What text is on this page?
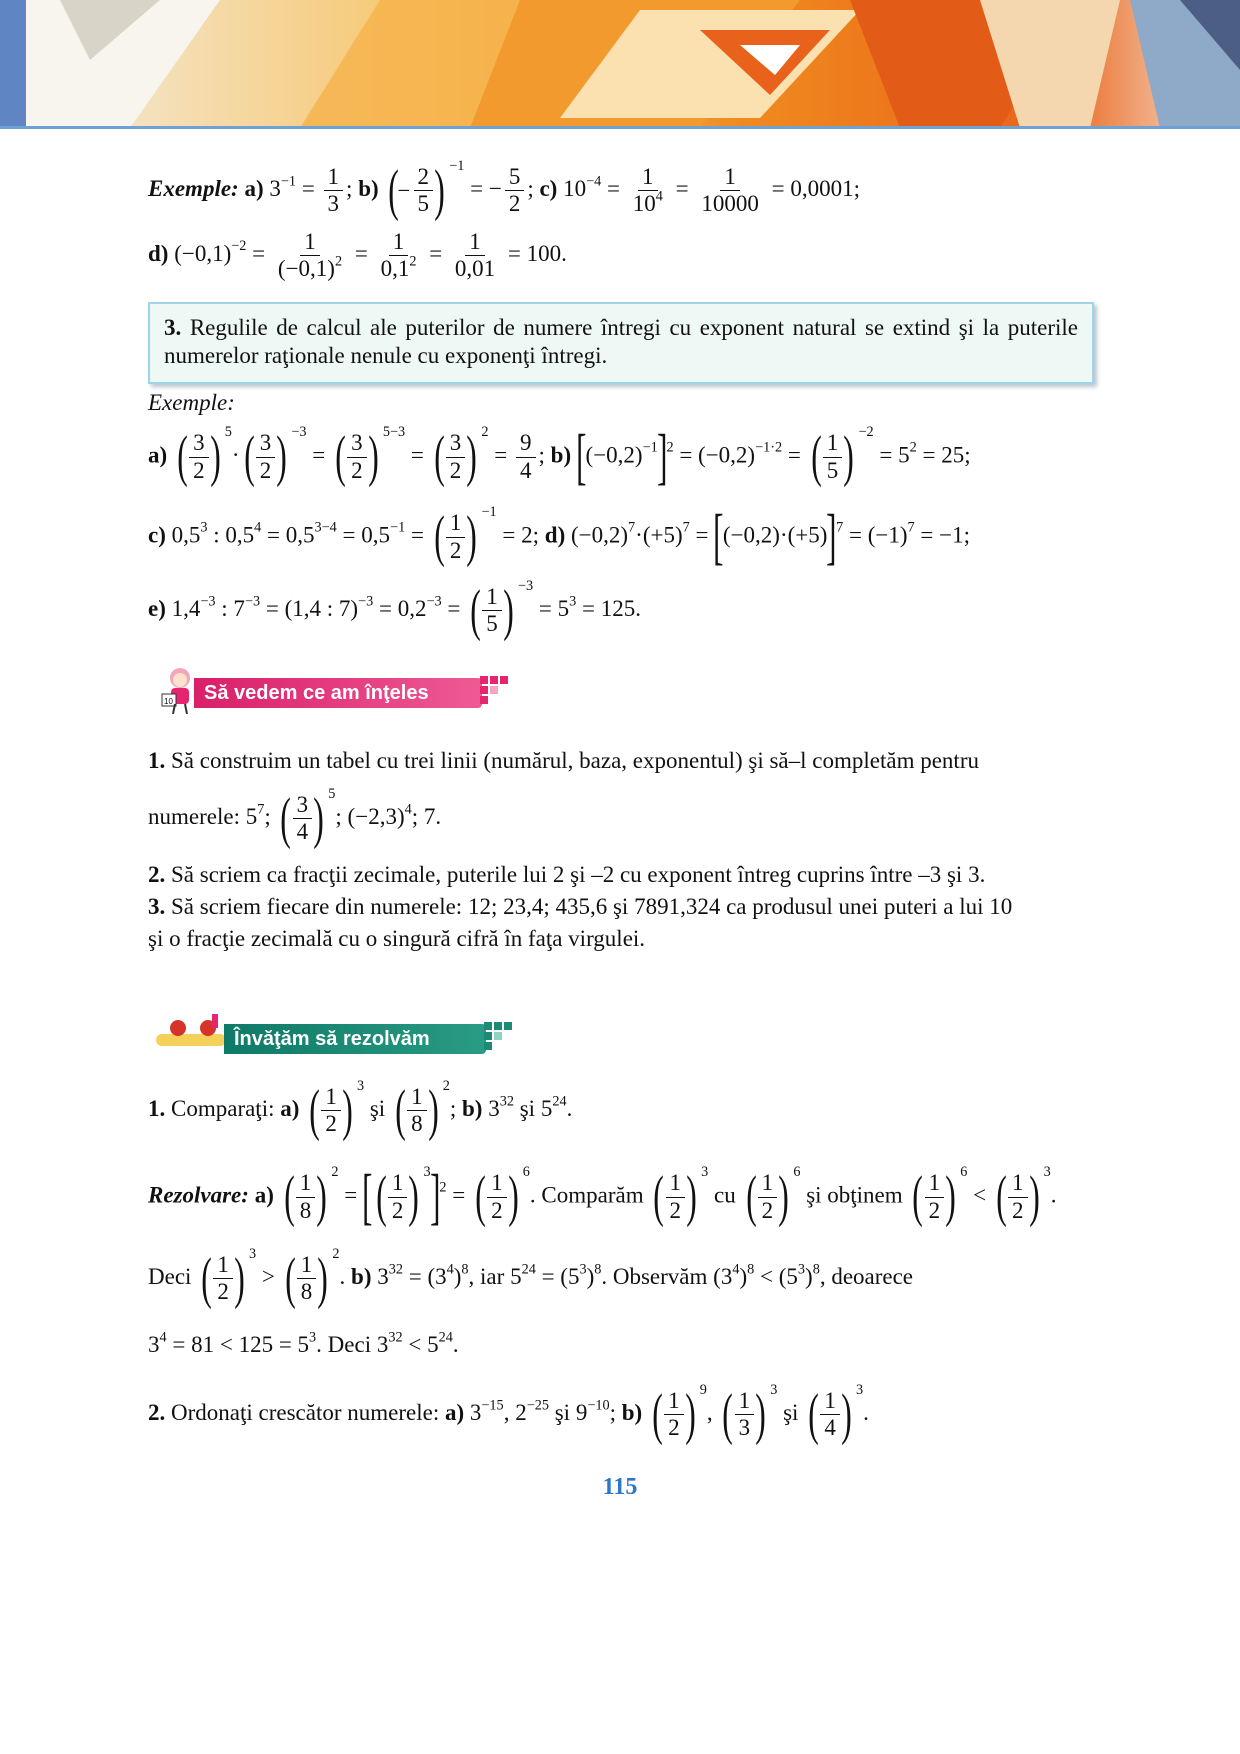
Exemple: a) $3^{-1} = \frac{1}{3}$ ; b) (
− $\frac{2}{5}$ ) −1
= − $\frac{5}{2}$ ; c) $10^{-4} = \frac{1}{10^4} = \frac{1}{10000} = 0,0001$;
d) $(-0,1)^{-2} = \frac{1}{(-0,1)^2} = \frac{1}{0,1^2} = \frac{1}{0,01} = 100$.
3. Regulile de calcul ale puterilor de numere întregi cu exponent natural se extind şi la puterile numerelor raţionale nenule cu exponenţi întregi.
Exemple:
a) ( $\frac{3}{2}$ ) 5
· ( $\frac{3}{2}$ ) −3
= ( $\frac{3}{2}$ ) 5−3
= ( $\frac{3}{2}$ ) 2
= $\frac{9}{4}$ ; b) $[(-0,2)^{-1}]^2 = (-0,2)^{-1\cdot 2}$ = ( $\frac{1}{5}$ ) −2
= $5^2 = 25$;
c) $0,5^3$ : $0,5^4 = 0,5^{3-4} = 0,5^{-1}$ = ( $\frac{1}{2}$ ) −1
= 2; d) $(-0,2)^7\cdot(+5)^7 = [(-0,2)\cdot(+5)]^7 = (-1)^7 = -1$;
e) $1,4^{-3}$ : $7^{-3} = (1,4$ : $7)^{-3} = 0,2^{-3}$ = ( $\frac{1}{5}$ ) −3
= $5^3 = 125$.
10	Să vedem ce am înţeles
1. Să construim un tabel cu trei linii (numărul, baza, exponentul) şi să–l completăm pentru
numerele: $5^7$; ( $\frac{3}{4}$ ) 5
; $(-2,3)^4$; 7.
2. Să scriem ca fracţii zecimale, puterile lui 2 şi –2 cu exponent întreg cuprins între –3 şi 3.
3. Să scriem fiecare din numerele: 12; 23,4; 435,6 şi 7891,324 ca produsul unei puteri a lui 10
şi o fracţie zecimală cu o singură cifră în faţa virgulei.
Învăţăm să rezolvăm
1. Comparaţi: a) ( $\frac{1}{2}$ ) 3
şi ( $\frac{1}{8}$ ) 2
; b) $3^{32}$ şi $5^{24}$.
Rezolvare: a) ( $\frac{1}{8}$ ) 2
= [ ( $\frac{1}{2}$ ) 3 ]$^2$ = ( $\frac{1}{2}$ ) 6
. Comparăm ( $\frac{1}{2}$ ) 3
cu ( $\frac{1}{2}$ ) 6
şi obţinem ( $\frac{1}{2}$ ) 6
< ( $\frac{1}{2}$ ) 3
.
Deci ( $\frac{1}{2}$ ) 3
> ( $\frac{1}{8}$ ) 2
. b) $3^{32} = (3^4)^8$, iar $5^{24} = (5^3)^8$. Observăm $(3^4)^8 < (5^3)^8$, deoarece
$3^4 = 81 < 125 = 5^3$. Deci $3^{32} < 5^{24}$.
2. Ordonaţi crescător numerele: a) $3^{-15}$, $2^{-25}$ şi $9^{-10}$; b) ( $\frac{1}{2}$ ) 9
, ( $\frac{1}{3}$ ) 3
şi ( $\frac{1}{4}$ ) 3
.
115
